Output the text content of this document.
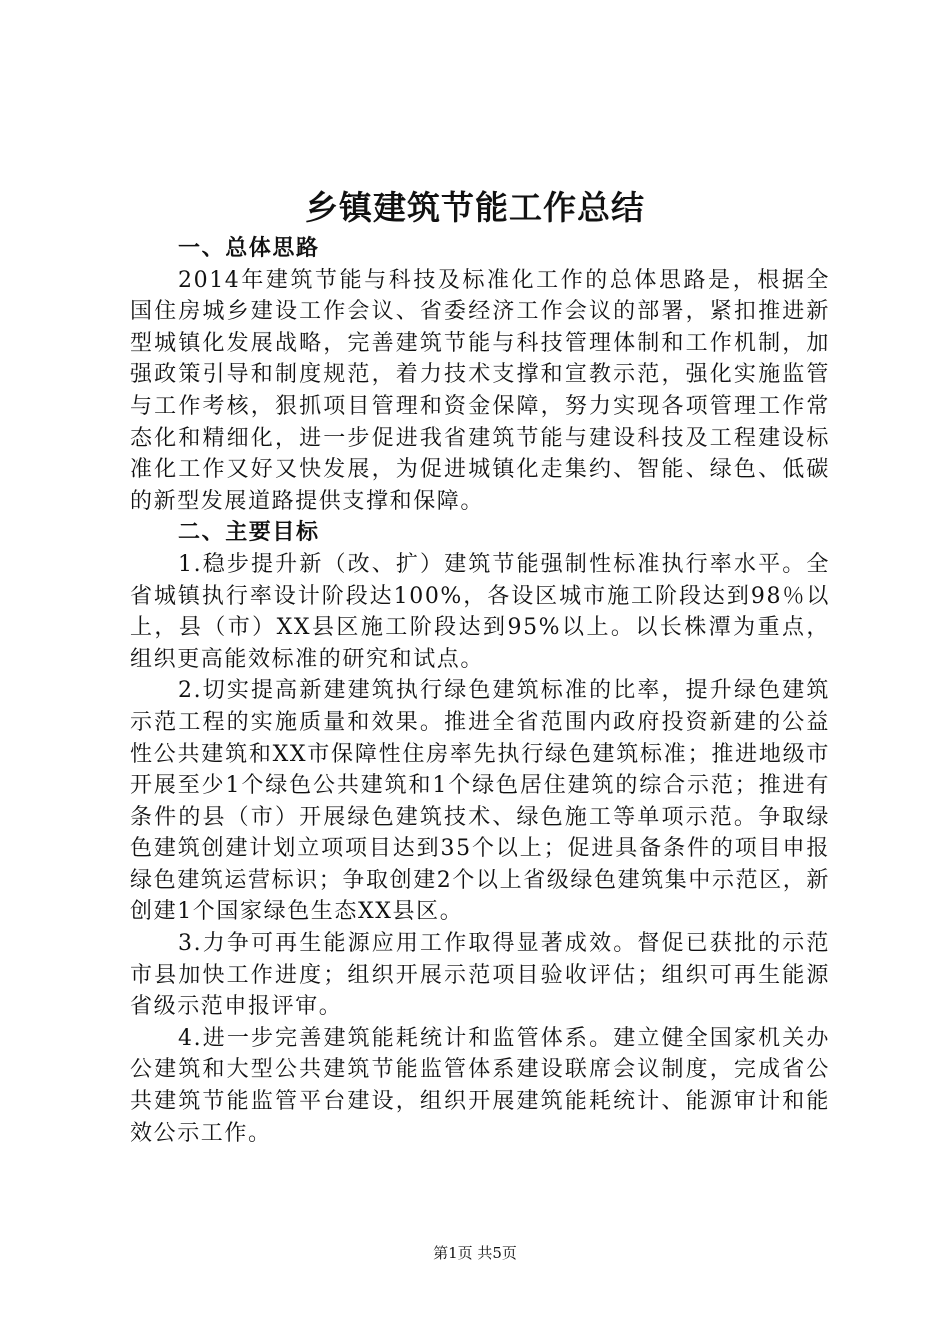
乡镇建筑节能工作总结
一、总体思路

2014年建筑节能与科技及标准化工作的总体思路是，根据全国住房城乡建设工作会议、省委经济工作会议的部署，紧扣推进新型城镇化发展战略，完善建筑节能与科技管理体制和工作机制，加强政策引导和制度规范，着力技术支撑和宣教示范，强化实施监管与工作考核，狠抓项目管理和资金保障，努力实现各项管理工作常态化和精细化，进一步促进我省建筑节能与建设科技及工程建设标准化工作又好又快发展，为促进城镇化走集约、智能、绿色、低碳的新型发展道路提供支撑和保障。

二、主要目标

1.稳步提升新（改、扩）建筑节能强制性标准执行率水平。全省城镇执行率设计阶段达100%，各设区城市施工阶段达到98％以上，县（市）XX县区施工阶段达到95%以上。以长株潭为重点，组织更高能效标准的研究和试点。

2.切实提高新建建筑执行绿色建筑标准的比率，提升绿色建筑示范工程的实施质量和效果。推进全省范围内政府投资新建的公益性公共建筑和XX市保障性住房率先执行绿色建筑标准；推进地级市开展至少1个绿色公共建筑和1个绿色居住建筑的综合示范；推进有条件的县（市）开展绿色建筑技术、绿色施工等单项示范。争取绿色建筑创建计划立项项目达到35个以上；促进具备条件的项目申报绿色建筑运营标识；争取创建2个以上省级绿色建筑集中示范区，新创建1个国家绿色生态XX县区。

3.力争可再生能源应用工作取得显著成效。督促已获批的示范市县加快工作进度；组织开展示范项目验收评估；组织可再生能源省级示范申报评审。

4.进一步完善建筑能耗统计和监管体系。建立健全国家机关办公建筑和大型公共建筑节能监管体系建设联席会议制度，完成省公共建筑节能监管平台建设，组织开展建筑能耗统计、能源审计和能效公示工作。

第1页 共5页
